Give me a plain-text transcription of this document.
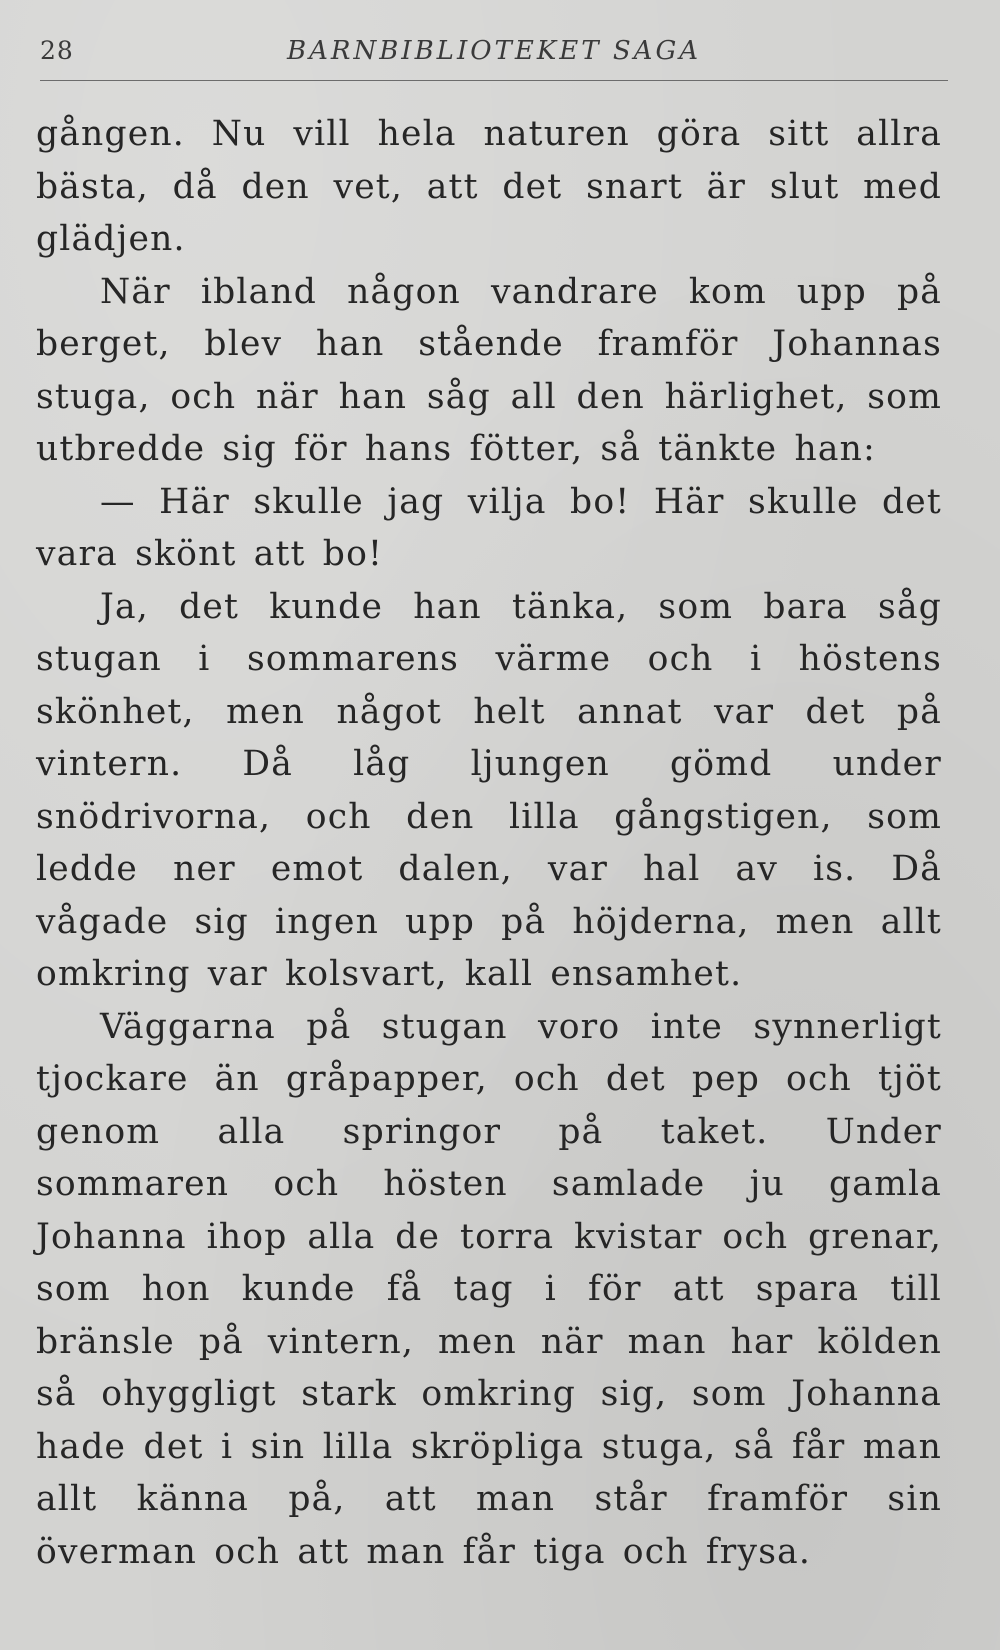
28	BARNBIBLIOTEKET SAGA

gången. Nu vill hela naturen göra sitt allra bästa, då den vet, att det snart är slut med glädjen.

När ibland någon vandrare kom upp på berget, blev han stående framför Johannas stuga, och när han såg all den härlighet, som utbredde sig för hans fötter, så tänkte han:

— Här skulle jag vilja bo! Här skulle det vara skönt att bo!

Ja, det kunde han tänka, som bara såg stugan i sommarens värme och i höstens skönhet, men något helt annat var det på vintern. Då låg ljungen gömd under snödrivorna, och den lilla gångstigen, som ledde ner emot dalen, var hal av is. Då vågade sig ingen upp på höjderna, men allt omkring var kolsvart, kall ensamhet.

Väggarna på stugan voro inte synnerligt tjockare än gråpapper, och det pep och tjöt genom alla springor på taket. Under sommaren och hösten samlade ju gamla Johanna ihop alla de torra kvistar och grenar, som hon kunde få tag i för att spara till bränsle på vintern, men när man har kölden så ohyggligt stark omkring sig, som Johanna hade det i sin lilla skröpliga stuga, så får man allt känna på, att man står framför sin överman och att man får tiga och frysa.
